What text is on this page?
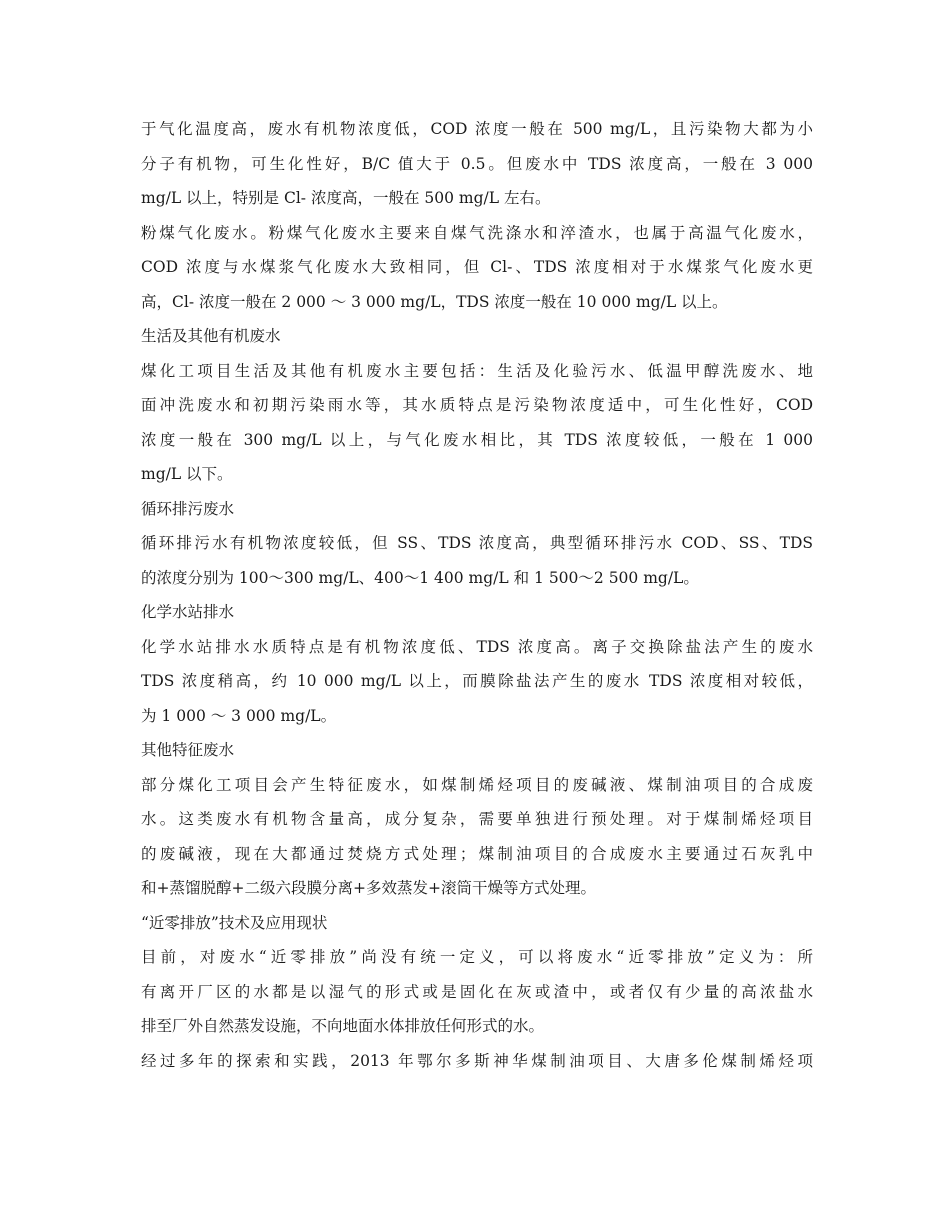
于气化温度高，废水有机物浓度低，COD 浓度一般在 500 mg/L，且污染物大都为小
分子有机物，可生化性好，B/C 值大于 0.5。但废水中 TDS 浓度高，一般在 3 000
mg/L 以上，特别是 Cl- 浓度高，一般在 500 mg/L 左右。
粉煤气化废水。粉煤气化废水主要来自煤气洗涤水和淬渣水，也属于高温气化废水，
COD 浓度与水煤浆气化废水大致相同，但 Cl-、TDS 浓度相对于水煤浆气化废水更
高，Cl- 浓度一般在 2 000 ～ 3 000 mg/L，TDS 浓度一般在 10 000 mg/L 以上。
生活及其他有机废水
煤化工项目生活及其他有机废水主要包括：生活及化验污水、低温甲醇洗废水、地
面冲洗废水和初期污染雨水等，其水质特点是污染物浓度适中，可生化性好，COD
浓度一般在 300 mg/L 以上，与气化废水相比，其 TDS 浓度较低，一般在 1 000
mg/L 以下。
循环排污废水
循环排污水有机物浓度较低，但 SS、TDS 浓度高，典型循环排污水 COD、SS、TDS
的浓度分别为 100～300 mg/L、400～1 400 mg/L 和 1 500～2 500 mg/L。
化学水站排水
化学水站排水水质特点是有机物浓度低、TDS 浓度高。离子交换除盐法产生的废水
TDS 浓度稍高，约 10 000 mg/L 以上，而膜除盐法产生的废水 TDS 浓度相对较低，
为 1 000 ～ 3 000 mg/L。
其他特征废水
部分煤化工项目会产生特征废水，如煤制烯烃项目的废碱液、煤制油项目的合成废
水。这类废水有机物含量高，成分复杂，需要单独进行预处理。对于煤制烯烃项目
的废碱液，现在大都通过焚烧方式处理；煤制油项目的合成废水主要通过石灰乳中
和+蒸馏脱醇+二级六段膜分离+多效蒸发+滚筒干燥等方式处理。
“近零排放”技术及应用现状
目前，对废水“近零排放”尚没有统一定义，可以将废水“近零排放”定义为：所
有离开厂区的水都是以湿气的形式或是固化在灰或渣中，或者仅有少量的高浓盐水
排至厂外自然蒸发设施，不向地面水体排放任何形式的水。
经过多年的探索和实践，2013 年鄂尔多斯神华煤制油项目、大唐多伦煤制烯烃项
